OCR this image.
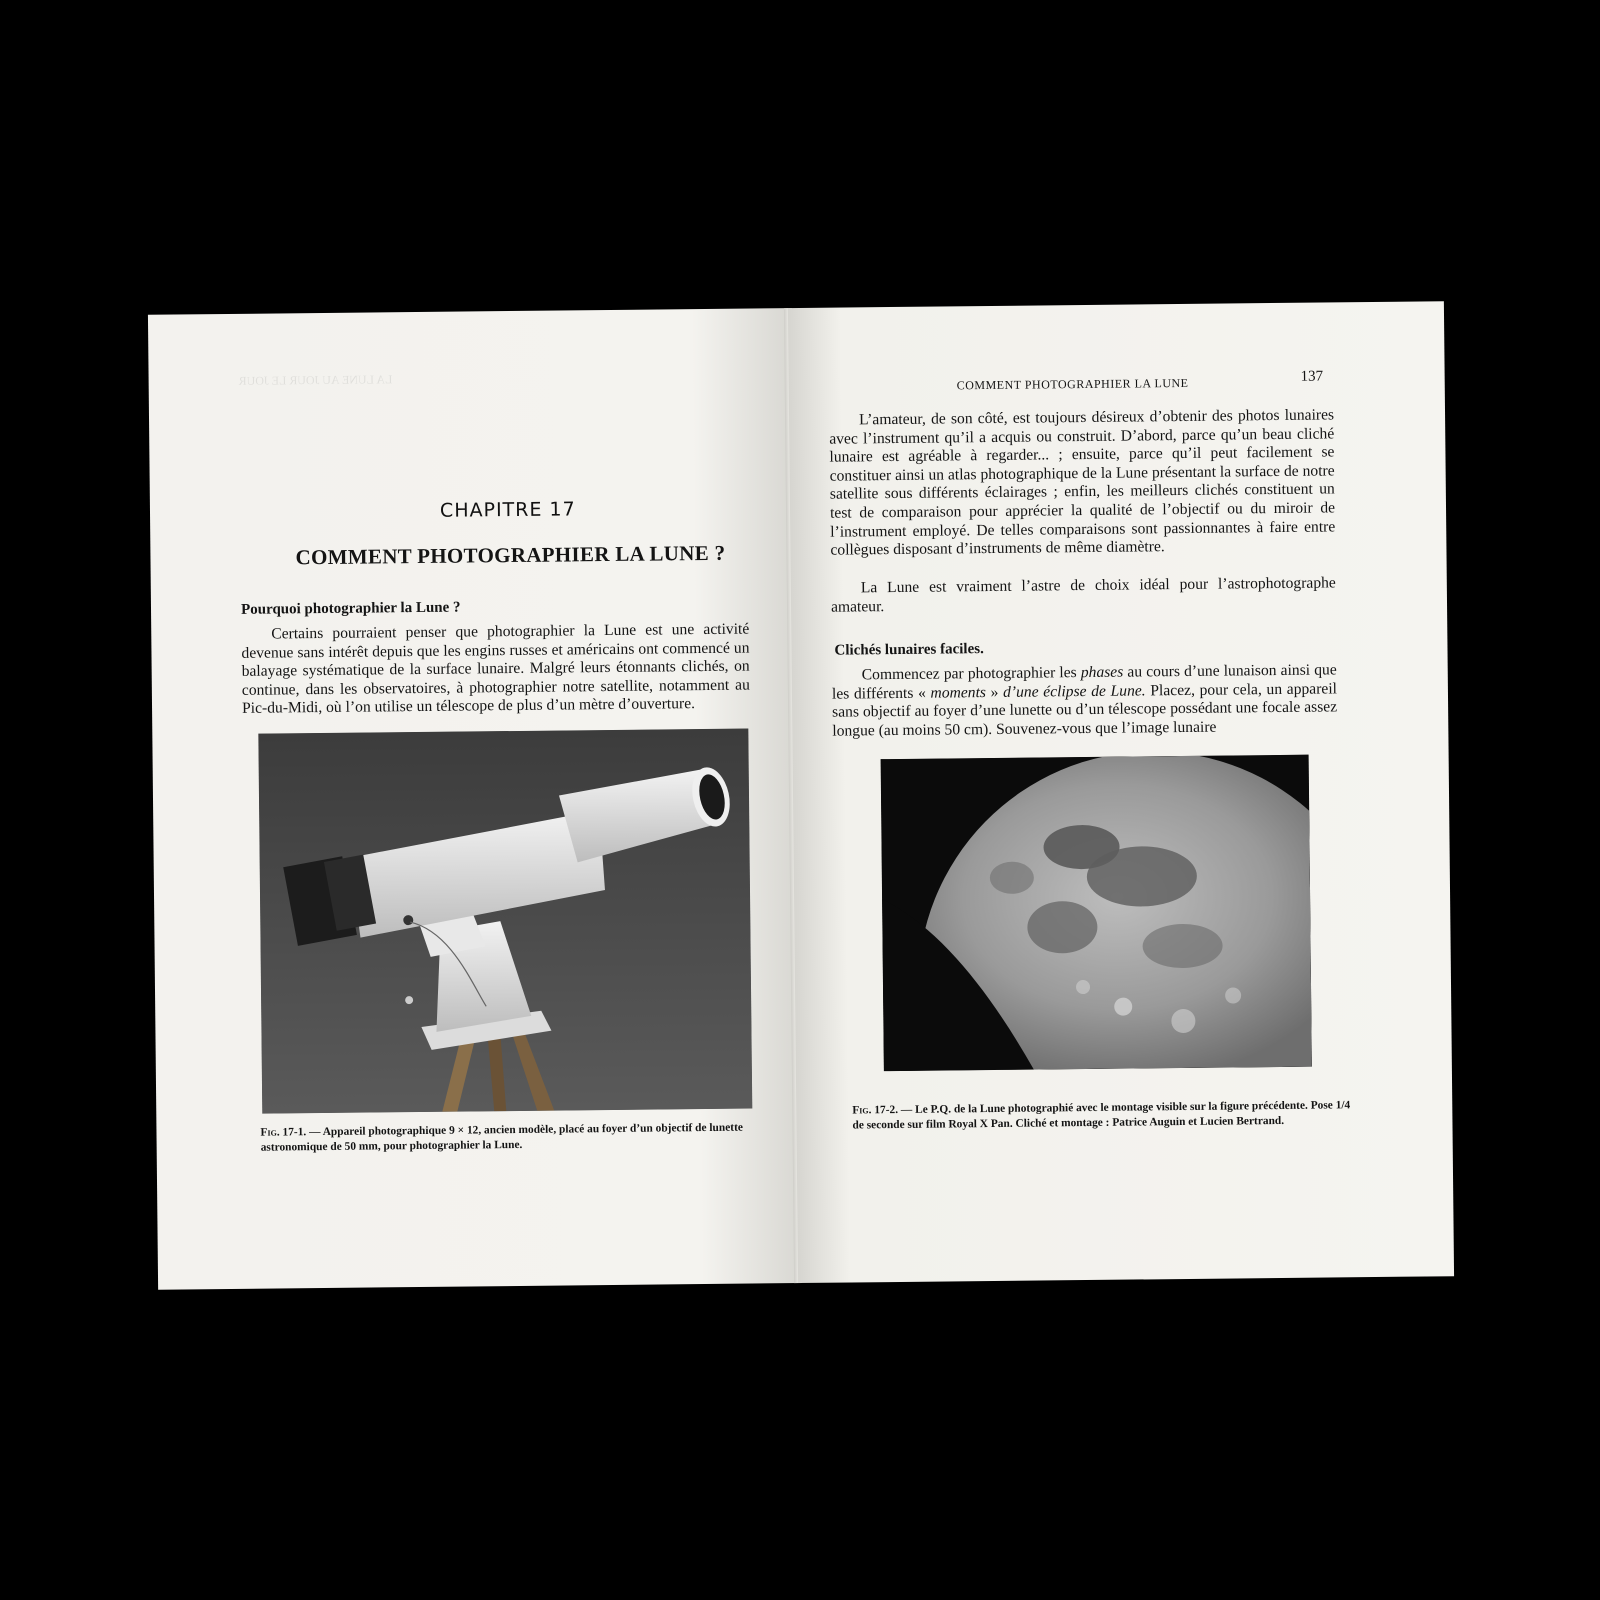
LA LUNE AU JOUR LE JOUR
CHAPITRE 17
COMMENT PHOTOGRAPHIER LA LUNE ?
Pourquoi photographier la Lune ?

Certains pourraient penser que photographier la Lune est une activité devenue sans intérêt depuis que les engins russes et américains ont commencé un balayage systématique de la surface lunaire. Malgré leurs étonnants clichés, on continue, dans les observatoires, à photographier notre satellite, notamment au Pic-du-Midi, où l’on utilise un télescope de plus d’un mètre d’ouverture.

Fig. 17-1. — Appareil photographique 9 × 12, ancien modèle, placé au foyer d’un objectif de lunette astronomique de 50 mm, pour photographier la Lune.
COMMENT PHOTOGRAPHIER LA LUNE	137

L’amateur, de son côté, est toujours désireux d’obtenir des photos lunaires avec l’instrument qu’il a acquis ou construit. D’abord, parce qu’un beau cliché lunaire est agréable à regarder... ; ensuite, parce qu’il peut facilement se constituer ainsi un atlas photographique de la Lune présentant la surface de notre satellite sous différents éclairages ; enfin, les meilleurs clichés constituent un test de comparaison pour apprécier la qualité de l’objectif ou du miroir de l’instrument employé. De telles comparaisons sont passionnantes à faire entre collègues disposant d’instruments de même diamètre.

La Lune est vraiment l’astre de choix idéal pour l’astrophotographe amateur.

Clichés lunaires faciles.

Commencez par photographier les phases au cours d’une lunaison ainsi que les différents « moments » d’une éclipse de Lune. Placez, pour cela, un appareil sans objectif au foyer d’une lunette ou d’un télescope possédant une focale assez longue (au moins 50 cm). Souvenez-vous que l’image lunaire

Fig. 17-2. — Le P.Q. de la Lune photographié avec le montage visible sur la figure précédente. Pose 1/4 de seconde sur film Royal X Pan. Cliché et montage : Patrice Auguin et Lucien Bertrand.
